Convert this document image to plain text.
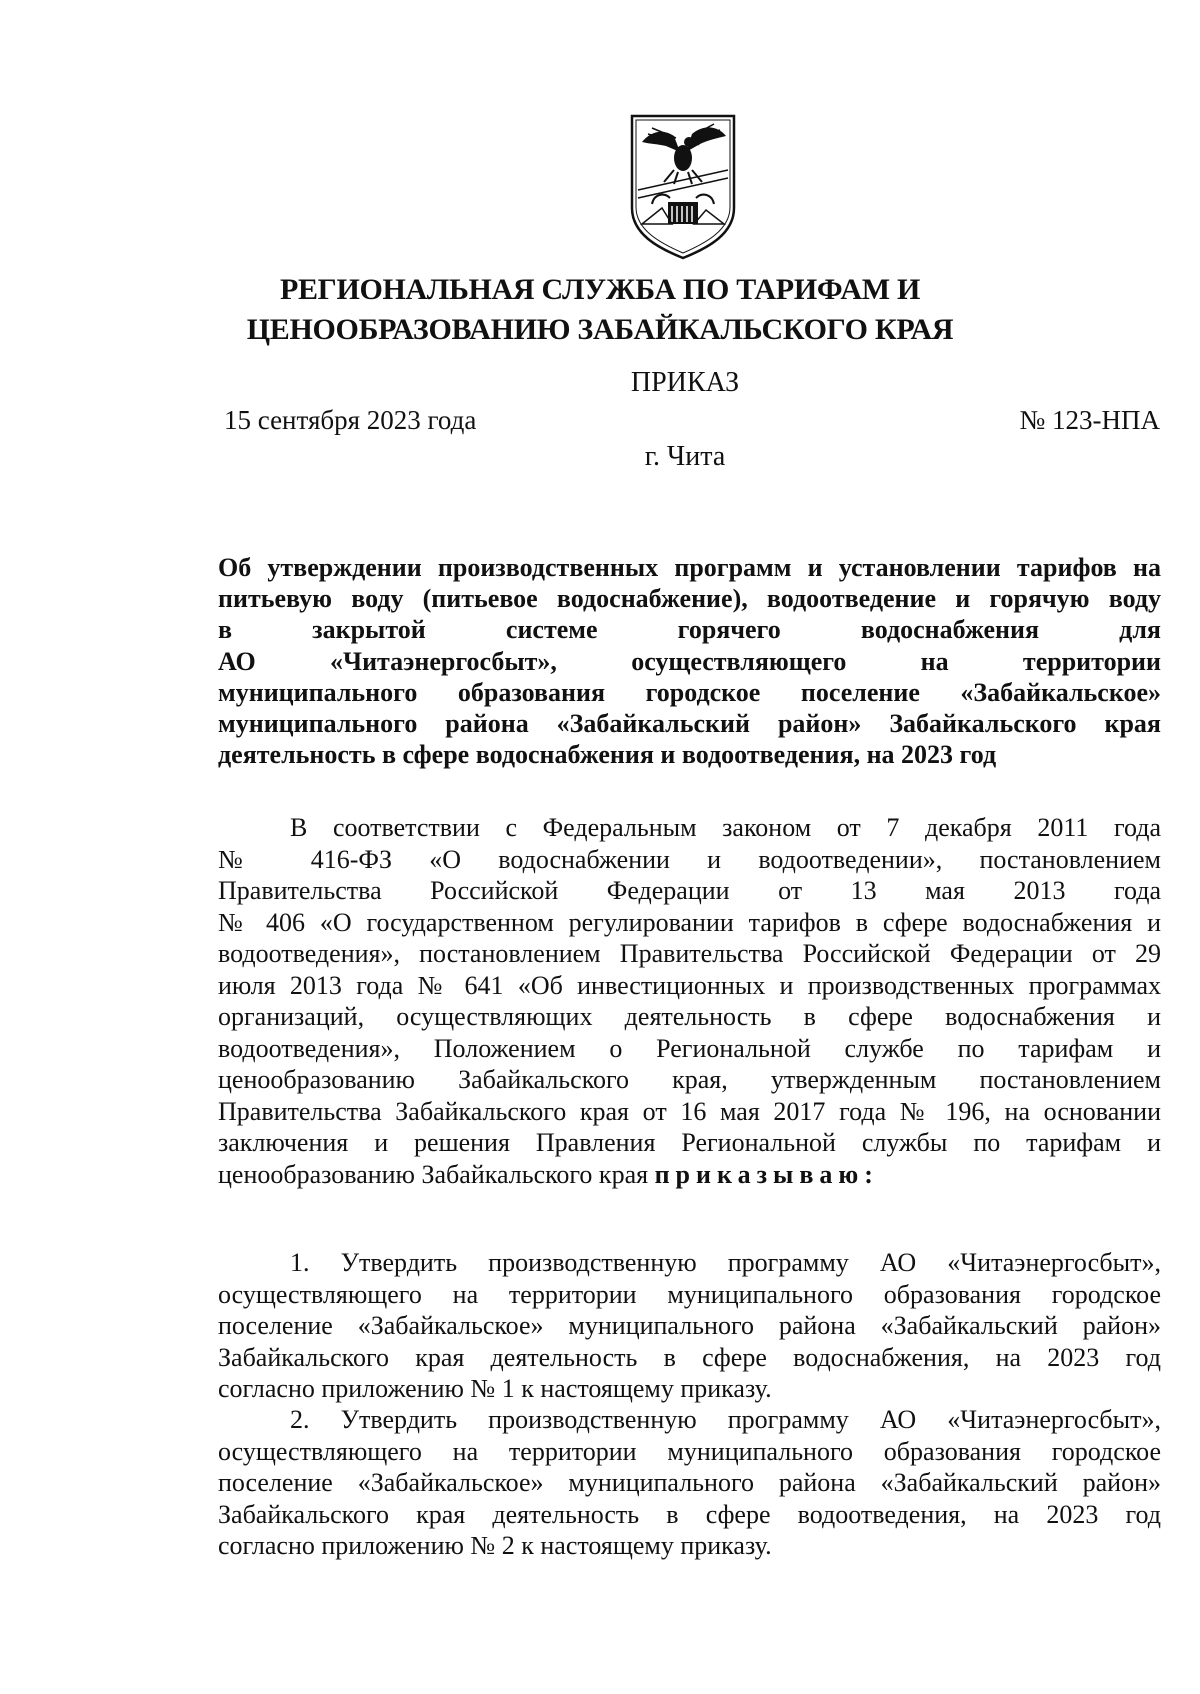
РЕГИОНАЛЬНАЯ СЛУЖБА ПО ТАРИФАМ И
ЦЕНООБРАЗОВАНИЮ ЗАБАЙКАЛЬСКОГО КРАЯ
ПРИКАЗ
15 сентября 2023 года	№ 123-НПА
г. Чита
Об утверждении производственных программ и установлении тарифов на
питьевую воду (питьевое водоснабжение), водоотведение и горячую воду
в закрытой системе горячего водоснабжения для
АО «Читаэнергосбыт», осуществляющего на территории
муниципального образования городское поселение «Забайкальское»
муниципального района «Забайкальский район» Забайкальского края
деятельность в сфере водоснабжения и водоотведения, на 2023 год
В соответствии с Федеральным законом от 7 декабря 2011 года
№ 416-ФЗ «О водоснабжении и водоотведении», постановлением
Правительства Российской Федерации от 13 мая 2013 года
№ 406 «О государственном регулировании тарифов в сфере водоснабжения и
водоотведения», постановлением Правительства Российской Федерации от 29
июля 2013 года № 641 «Об инвестиционных и производственных программах
организаций, осуществляющих деятельность в сфере водоснабжения и
водоотведения», Положением о Региональной службе по тарифам и
ценообразованию Забайкальского края, утвержденным постановлением
Правительства Забайкальского края от 16 мая 2017 года № 196, на основании
заключения и решения Правления Региональной службы по тарифам и
ценообразованию Забайкальского края приказываю:
1. Утвердить производственную программу АО «Читаэнергосбыт»,
осуществляющего на территории муниципального образования городское
поселение «Забайкальское» муниципального района «Забайкальский район»
Забайкальского края деятельность в сфере водоснабжения, на 2023 год
согласно приложению № 1 к настоящему приказу.
2. Утвердить производственную программу АО «Читаэнергосбыт»,
осуществляющего на территории муниципального образования городское
поселение «Забайкальское» муниципального района «Забайкальский район»
Забайкальского края деятельность в сфере водоотведения, на 2023 год
согласно приложению № 2 к настоящему приказу.
